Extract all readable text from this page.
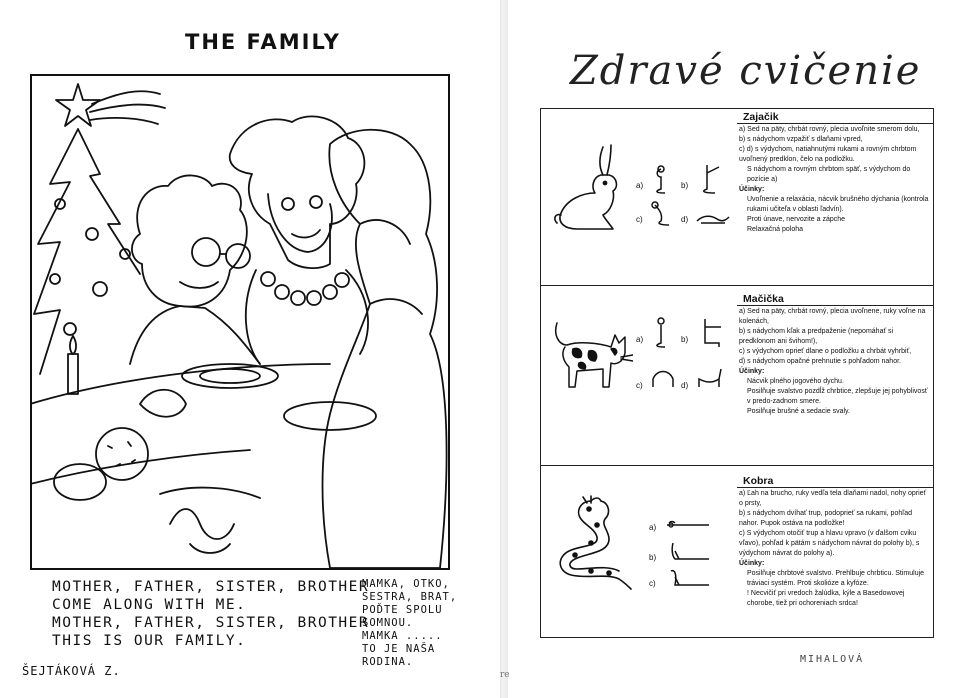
THE FAMILY
MOTHER, FATHER, SISTER, BROTHER
COME ALONG WITH ME.
MOTHER, FATHER, SISTER, BROTHER
THIS IS OUR FAMILY.
MAMKA, OTKO,
SESTRA, BRAT,
POĎTE SPOLU
SOMNOU.
MAMKA .....
TO JE NAŠA
RODINA.
ŠEJTÁKOVÁ Z.
Zdravé cvičenie
Zajačik
a)	b)
c)	d)
a) Sed na päty, chrbát rovný, plecia uvoľnite smerom dolu,
b) s nádychom vzpažiť s dlaňami vpred,
c) d) s výdychom, natiahnutými rukami a rovným chrbtom uvoľnený predklon, čelo na podložku.
S nádychom a rovným chrbtom späť, s výdychom do pozície a)
Účinky:
Uvoľnenie a relaxácia, nácvik brušného dýchania (kontrola rukami učiteľa v oblasti ľadvín).
Proti únave, nervozite a zápche
Relaxačná poloha
Mačička
a)	b)
c)	d)
a) Sed na päty, chrbát rovný, plecia uvoľnene, ruky voľne na kolenách,
b) s nádychom kľak a predpaženie (nepomáhať si predklonom ani švihom!),
c) s výdychom oprieť dlane o podložku a chrbát vyhrbiť,
d) s nádychom opačné prehnutie s pohľadom nahor.
Účinky:
Nácvik plného jogového dychu.
Posilňuje svalstvo pozdĺž chrbtice, zlepšuje jej pohyblivosť v predo-zadnom smere.
Posilňuje brušné a sedacie svaly.
Kobra
a)
b)
c)
a) Ľah na brucho, ruky vedľa tela dlaňami nadol, nohy oprieť o prsty,
b) s nádychom dvíhať trup, podoprieť sa rukami, pohľad nahor. Pupok ostáva na podložke!
c) S výdychom otočiť trup a hlavu vpravo (v ďalšom cviku vľavo), pohľad k pätám s nádychom návrat do polohy b), s výdychom návrat do polohy a).
Účinky:
Posilňuje chrbtové svalstvo. Prehlbuje chrbticu. Stimuluje tráviaci systém. Proti skolióze a kyfóze.
! Necvičiť pri vredoch žalúdka, kýle a Basedowovej chorobe, tiež pri ochoreniach srdca!
MIHALOVÁ
re
